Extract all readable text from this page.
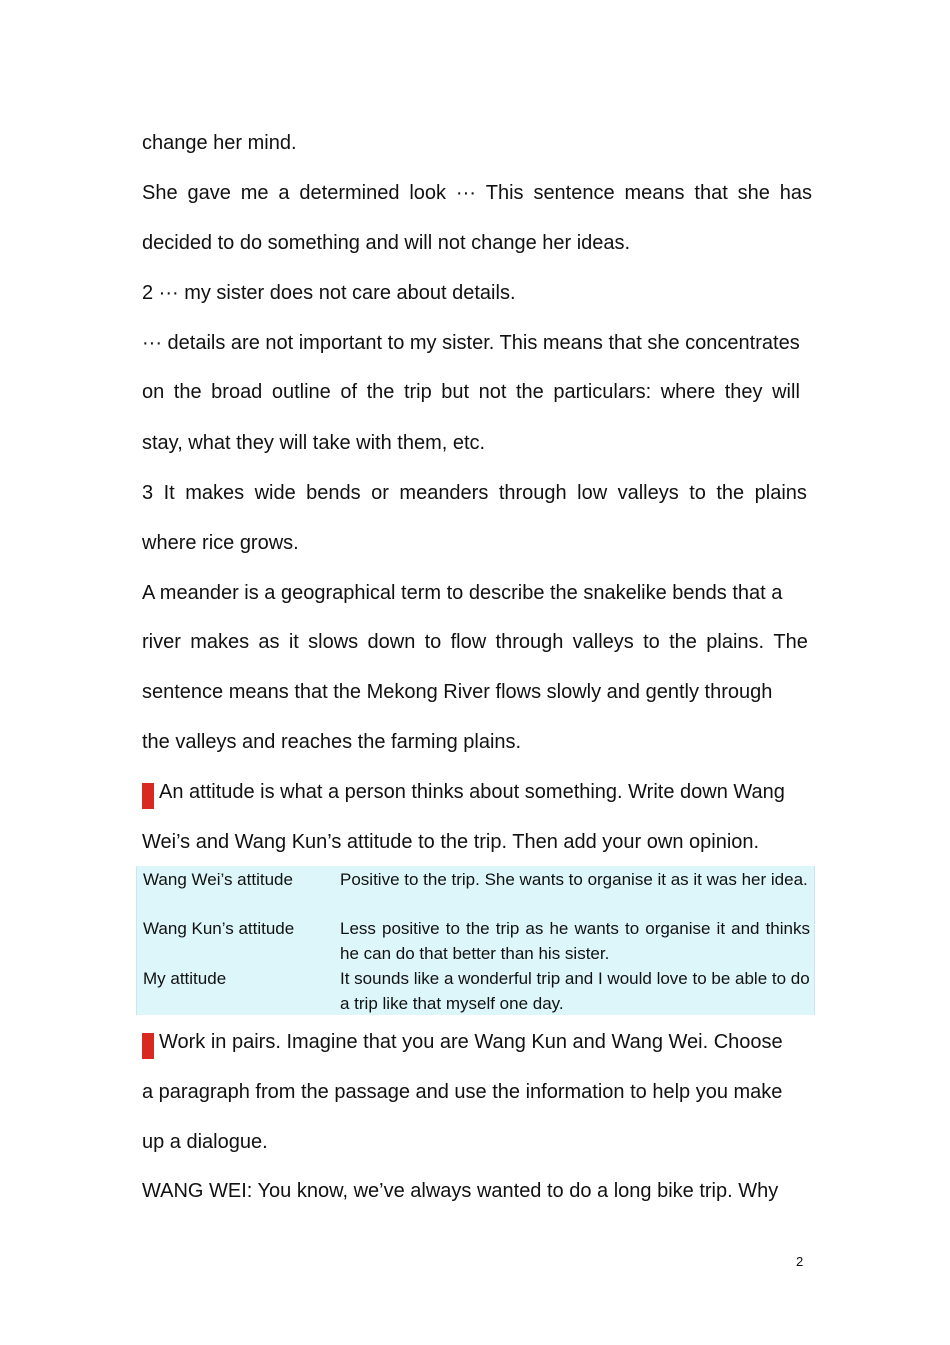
change her mind.
She gave me a determined look ··· This sentence means that she has
decided to do something and will not change her ideas.
2 ··· my sister does not care about details.
··· details are not important to my sister. This means that she concentrates
on the broad outline of the trip but not the particulars: where they will
stay, what they will take with them, etc.
3 It makes wide bends or meanders through low valleys to the plains
where rice grows.
A meander is a geographical term to describe the snakelike bends that a
river makes as it slows down to flow through valleys to the plains. The
sentence means that the Mekong River flows slowly and gently through
the valleys and reaches the farming plains.
3 An attitude is what a person thinks about something. Write down Wang
Wei’s and Wang Kun’s attitude to the trip. Then add your own opinion.
Wang Wei’s attitude	Positive to the trip. She wants to organise it as it was her idea.
Wang Kun’s attitude	Less positive to the trip as he wants to organise it and thinks he can do that better than his sister.
My attitude	It sounds like a wonderful trip and I would love to be able to do a trip like that myself one day.
4 Work in pairs. Imagine that you are Wang Kun and Wang Wei. Choose
a paragraph from the passage and use the information to help you make
up a dialogue.
WANG WEI: You know, we’ve always wanted to do a long bike trip. Why
2
